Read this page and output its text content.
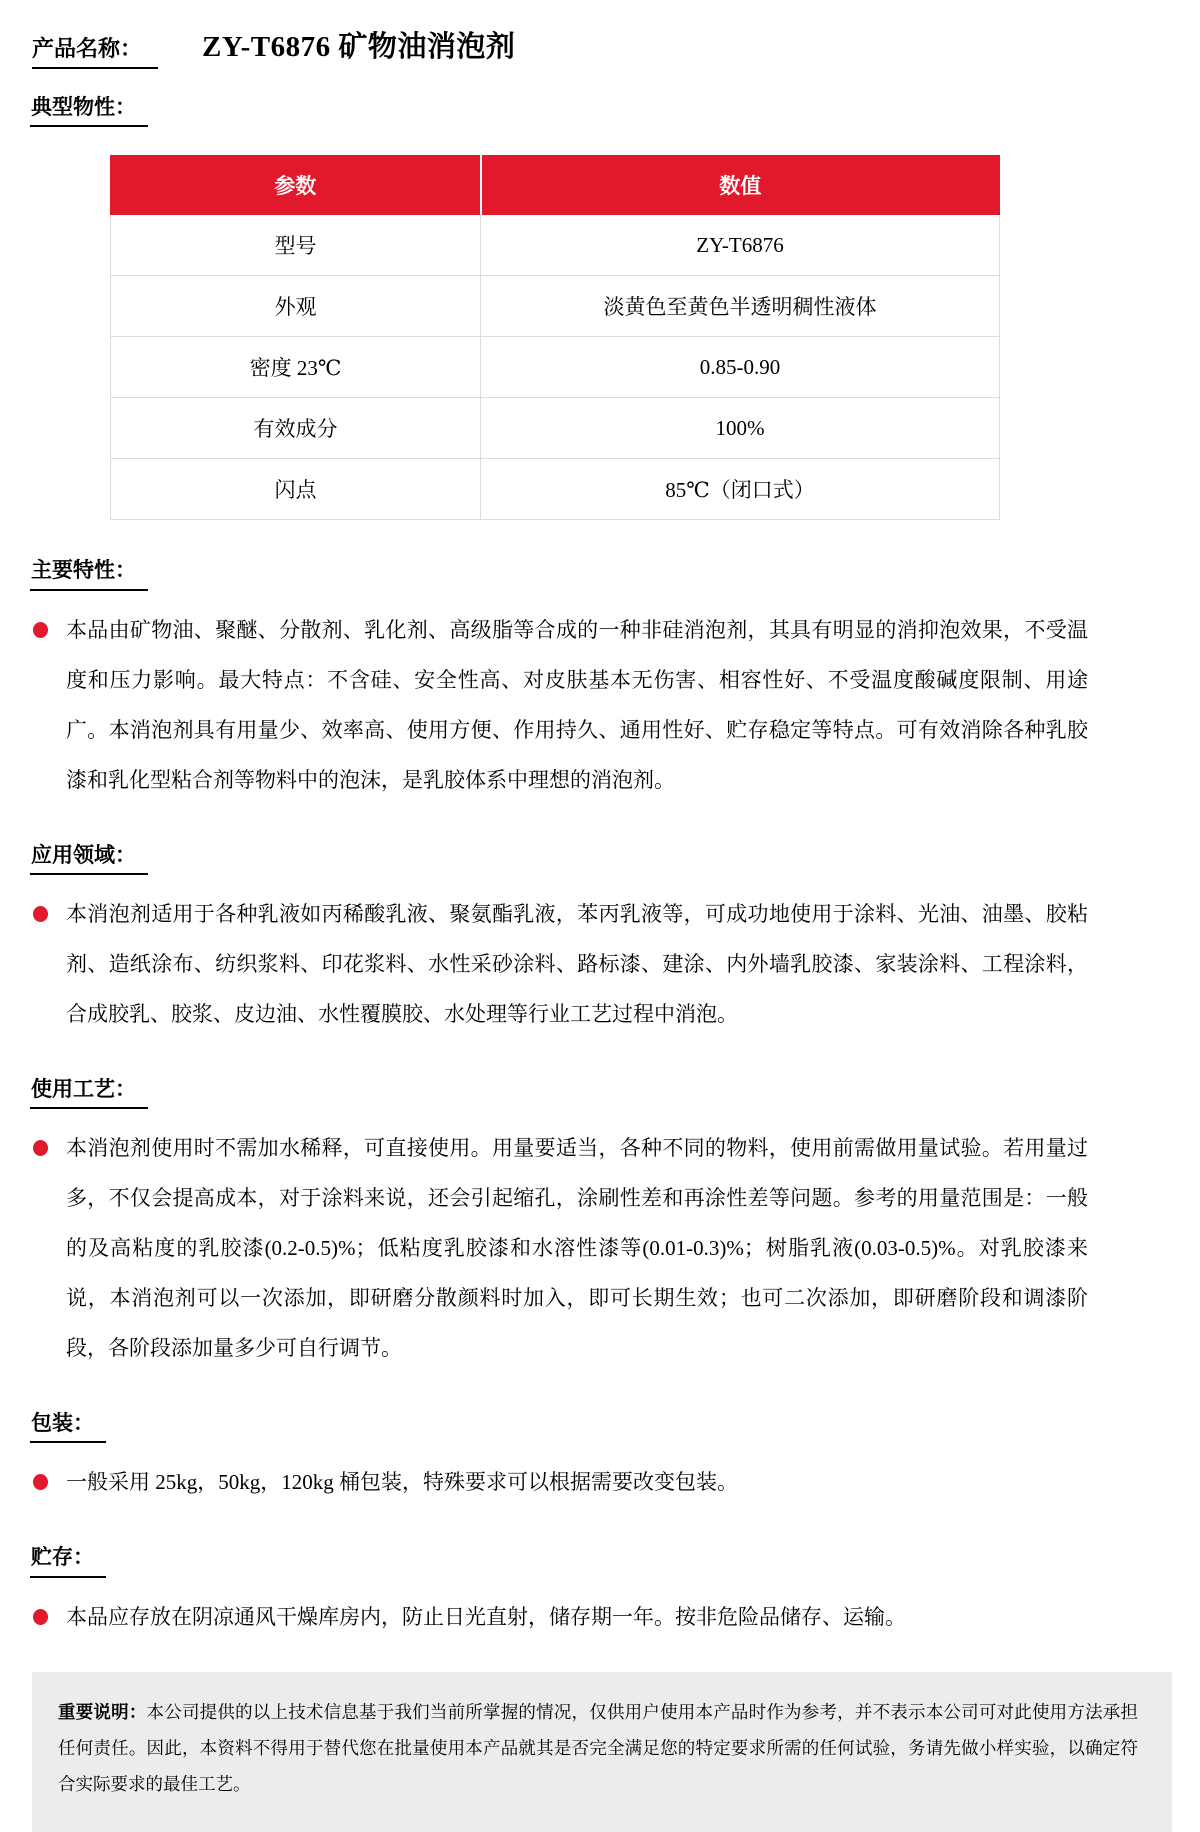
产品名称：	ZY-T6876 矿物油消泡剂
典型物性：
参数	数值
型号	ZY-T6876
外观	淡黄色至黄色半透明稠性液体
密度 23℃	0.85-0.90
有效成分	100%
闪点	85℃（闭口式）
主要特性：

本品由矿物油、聚醚、分散剂、乳化剂、高级脂等合成的一种非硅消泡剂，其具有明显的消抑泡效果，不受温度和压力影响。最大特点：不含硅、安全性高、对皮肤基本无伤害、相容性好、不受温度酸碱度限制、用途广。本消泡剂具有用量少、效率高、使用方便、作用持久、通用性好、贮存稳定等特点。可有效消除各种乳胶漆和乳化型粘合剂等物料中的泡沫，是乳胶体系中理想的消泡剂。

应用领域：

本消泡剂适用于各种乳液如丙稀酸乳液、聚氨酯乳液，苯丙乳液等，可成功地使用于涂料、光油、油墨、胶粘剂、造纸涂布、纺织浆料、印花浆料、水性采砂涂料、路标漆、建涂、内外墙乳胶漆、家装涂料、工程涂料，合成胶乳、胶浆、皮边油、水性覆膜胶、水处理等行业工艺过程中消泡。

使用工艺：

本消泡剂使用时不需加水稀释，可直接使用。用量要适当，各种不同的物料，使用前需做用量试验。若用量过多，不仅会提高成本，对于涂料来说，还会引起缩孔，涂刷性差和再涂性差等问题。参考的用量范围是：一般的及高粘度的乳胶漆(0.2-0.5)%；低粘度乳胶漆和水溶性漆等(0.01-0.3)%；树脂乳液(0.03-0.5)%。对乳胶漆来说，本消泡剂可以一次添加，即研磨分散颜料时加入，即可长期生效；也可二次添加，即研磨阶段和调漆阶段，各阶段添加量多少可自行调节。

包装：

一般采用 25kg，50kg，120kg 桶包装，特殊要求可以根据需要改变包装。

贮存：

本品应存放在阴凉通风干燥库房内，防止日光直射，储存期一年。按非危险品储存、运输。

重要说明：本公司提供的以上技术信息基于我们当前所掌握的情况，仅供用户使用本产品时作为参考，并不表示本公司可对此使用方法承担任何责任。因此，本资料不得用于替代您在批量使用本产品就其是否完全满足您的特定要求所需的任何试验，务请先做小样实验，以确定符合实际要求的最佳工艺。
